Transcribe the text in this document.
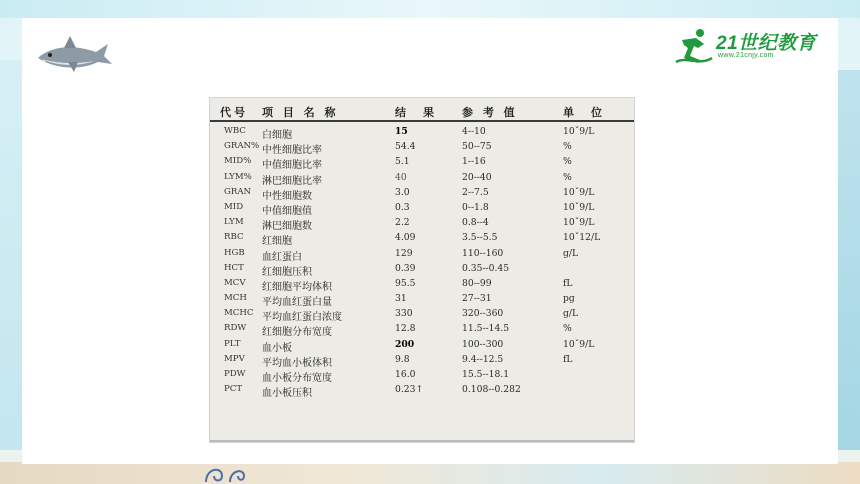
21世纪教育
www.21cnjy.com
代号　项 目 名 称	结　果 参 考 值	单　位
WBC 白细胞	15	4--10	10ˇ9/L
GRAN% 中性细胞比率	54.4	50--75	%
MID% 中值细胞比率	5.1	1--16	%
LYM% 淋巴细胞比率	40	20--40	%
GRAN 中性细胞数	3.0	2--7.5	10ˇ9/L
MID 中值细胞值	0.3	0--1.8	10ˇ9/L
LYM 淋巴细胞数	2.2	0.8--4	10ˇ9/L
RBC 红细胞	4.09	3.5--5.5	10ˇ12/L
HGB 血红蛋白	129	110--160	g/L
HCT 红细胞压积	0.39	0.35--0.45
MCV 红细胞平均体积	95.5	80--99	fL
MCH 平均血红蛋白量	31	27--31	pg
MCHC 平均血红蛋白浓度	330	320--360	g/L
RDW 红细胞分布宽度	12.8	11.5--14.5	%
PLT 血小板	200	100--300	10ˇ9/L
MPV 平均血小板体积	9.8	9.4--12.5	fL
PDW 血小板分布宽度	16.0	15.5--18.1
PCT 血小板压积	0.23↑	0.108--0.282
